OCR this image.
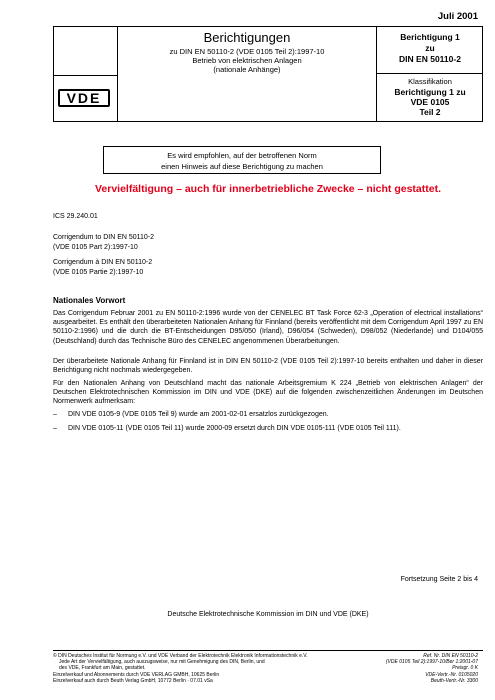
Juli 2001
VDE
Berichtigungen
zu DIN EN 50110-2 (VDE 0105 Teil 2):1997-10
Betrieb von elektrischen Anlagen
(nationale Anhänge)
Berichtigung 1
zu
DIN EN 50110-2
Klassifikation
Berichtigung 1 zu
VDE 0105
Teil 2
Es wird empfohlen, auf der betroffenen Norm
einen Hinweis auf diese Berichtigung zu machen
Vervielfältigung – auch für innerbetriebliche Zwecke – nicht gestattet.
ICS 29.240.01
Corrigendum to DIN EN 50110-2
(VDE 0105 Part 2):1997-10
Corrigendum à DIN EN 50110-2
(VDE 0105 Partie 2):1997-10
Nationales Vorwort
Das Corrigendum Februar 2001 zu EN 50110-2:1996 wurde von der CENELEC BT Task Force 62-3 „Operation of electrical installations“ ausgearbeitet. Es enthält den überarbeiteten Nationalen Anhang für Finnland (bereits veröffentlicht mit dem Corrigendum April 1997 zu EN 50110-2:1996) und die durch die BT-Entscheidungen D95/050 (Irland), D96/054 (Schweden), D98/052 (Niederlande) und D104/055 (Deutschland) durch das Technische Büro des CENELEC angenommenen Überarbeitungen.
Der überarbeitete Nationale Anhang für Finnland ist in DIN EN 50110-2 (VDE 0105 Teil 2):1997-10 bereits enthalten und daher in dieser Berichtigung nicht nochmals wiedergegeben.
Für den Nationalen Anhang von Deutschland macht das nationale Arbeitsgremium K 224 „Betrieb von elektrischen Anlagen“ der Deutschen Elektrotechnischen Kommission im DIN und VDE (DKE) auf die folgenden zwischenzeitlichen Änderungen im Deutschen Normenwerk aufmerksam:
– DIN VDE 0105-9 (VDE 0105 Teil 9) wurde am 2001-02-01 ersatzlos zurückgezogen.
– DIN VDE 0105-11 (VDE 0105 Teil 11) wurde 2000-09 ersetzt durch DIN VDE 0105-111 (VDE 0105 Teil 111).
Fortsetzung Seite 2 bis 4
Deutsche Elektrotechnische Kommission im DIN und VDE (DKE)

© DIN Deutsches Institut für Normung e.V. und VDE Verband der Elektrotechnik Elektronik Informationstechnik e.V.

Jede Art der Vervielfältigung, auch auszugsweise, nur mit Genehmigung des DIN, Berlin, und

des VDE, Frankfurt am Main, gestattet.

Einzelverkauf und Abonnements durch VDE VERLAG GMBH, 10625 Berlin

Einzelverkauf auch durch Beuth Verlag GmbH, 10772 Berlin · 07.01 vSa

Ref. Nr. DIN EN 50110-2

(VDE 0105 Teil 2):1997-10/Ber 1:2001-07

Preisgr. 0 K

VDE-Vertr.-Nr. 0105020

Beuth-Vertr.-Nr. 3300
